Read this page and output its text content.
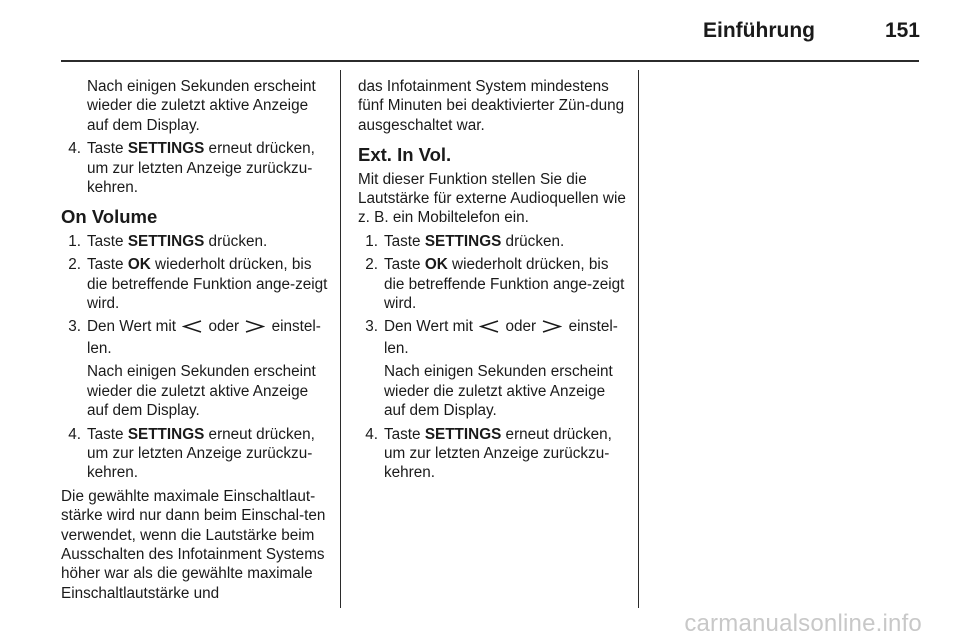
Einführung	151
Nach einigen Sekunden erscheint wieder die zuletzt aktive Anzeige auf dem Display.
4. Taste SETTINGS erneut drücken, um zur letzten Anzeige zurückzu-kehren.
On Volume
1. Taste SETTINGS drücken.
2. Taste OK wiederholt drücken, bis die betreffende Funktion ange-zeigt wird.
3. Den Wert mit  oder  einstel-len.
Nach einigen Sekunden erscheint wieder die zuletzt aktive Anzeige auf dem Display.
4. Taste SETTINGS erneut drücken, um zur letzten Anzeige zurückzu-kehren.
Die gewählte maximale Einschaltlaut-stärke wird nur dann beim Einschal-ten verwendet, wenn die Lautstärke beim Ausschalten des Infotainment Systems höher war als die gewählte maximale Einschaltlautstärke und
das Infotainment System mindestens fünf Minuten bei deaktivierter Zün-dung ausgeschaltet war.
Ext. In Vol.
Mit dieser Funktion stellen Sie die Lautstärke für externe Audioquellen wie z. B. ein Mobiltelefon ein.
1. Taste SETTINGS drücken.
2. Taste OK wiederholt drücken, bis die betreffende Funktion ange-zeigt wird.
3. Den Wert mit  oder  einstel-len.
Nach einigen Sekunden erscheint wieder die zuletzt aktive Anzeige auf dem Display.
4. Taste SETTINGS erneut drücken, um zur letzten Anzeige zurückzu-kehren.
carmanualsonline.info
